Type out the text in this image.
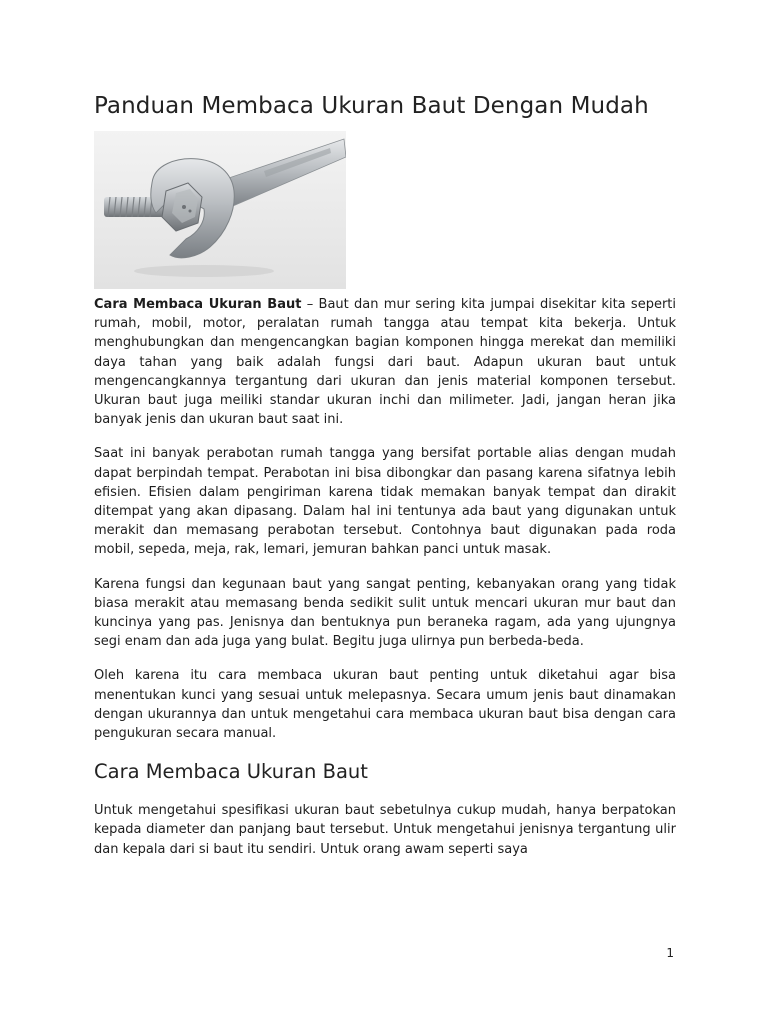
Panduan Membaca Ukuran Baut Dengan Mudah

Cara Membaca Ukuran Baut – Baut dan mur sering kita jumpai disekitar kita seperti rumah, mobil, motor, peralatan rumah tangga atau tempat kita bekerja. Untuk menghubungkan dan mengencangkan bagian komponen hingga merekat dan memiliki daya tahan yang baik adalah fungsi dari baut. Adapun ukuran baut untuk mengencangkannya tergantung dari ukuran dan jenis material komponen tersebut. Ukuran baut juga meiliki standar ukuran inchi dan milimeter. Jadi, jangan heran jika banyak jenis dan ukuran baut saat ini.

Saat ini banyak perabotan rumah tangga yang bersifat portable alias dengan mudah dapat berpindah tempat. Perabotan ini bisa dibongkar dan pasang karena sifatnya lebih efisien. Efisien dalam pengiriman karena tidak memakan banyak tempat dan dirakit ditempat yang akan dipasang. Dalam hal ini tentunya ada baut yang digunakan untuk merakit dan memasang perabotan tersebut. Contohnya baut digunakan pada roda mobil, sepeda, meja, rak, lemari, jemuran bahkan panci untuk masak.

Karena fungsi dan kegunaan baut yang sangat penting, kebanyakan orang yang tidak biasa merakit atau memasang benda sedikit sulit untuk mencari ukuran mur baut dan kuncinya yang pas. Jenisnya dan bentuknya pun beraneka ragam, ada yang ujungnya segi enam dan ada juga yang bulat. Begitu juga ulirnya pun berbeda-beda.

Oleh karena itu cara membaca ukuran baut penting untuk diketahui agar bisa menentukan kunci yang sesuai untuk melepasnya. Secara umum jenis baut dinamakan dengan ukurannya dan untuk mengetahui cara membaca ukuran baut bisa dengan cara pengukuran secara manual.

Cara Membaca Ukuran Baut

Untuk mengetahui spesifikasi ukuran baut sebetulnya cukup mudah, hanya berpatokan kepada diameter dan panjang baut tersebut. Untuk mengetahui jenisnya tergantung ulir dan kepala dari si baut itu sendiri. Untuk orang awam seperti saya

1
